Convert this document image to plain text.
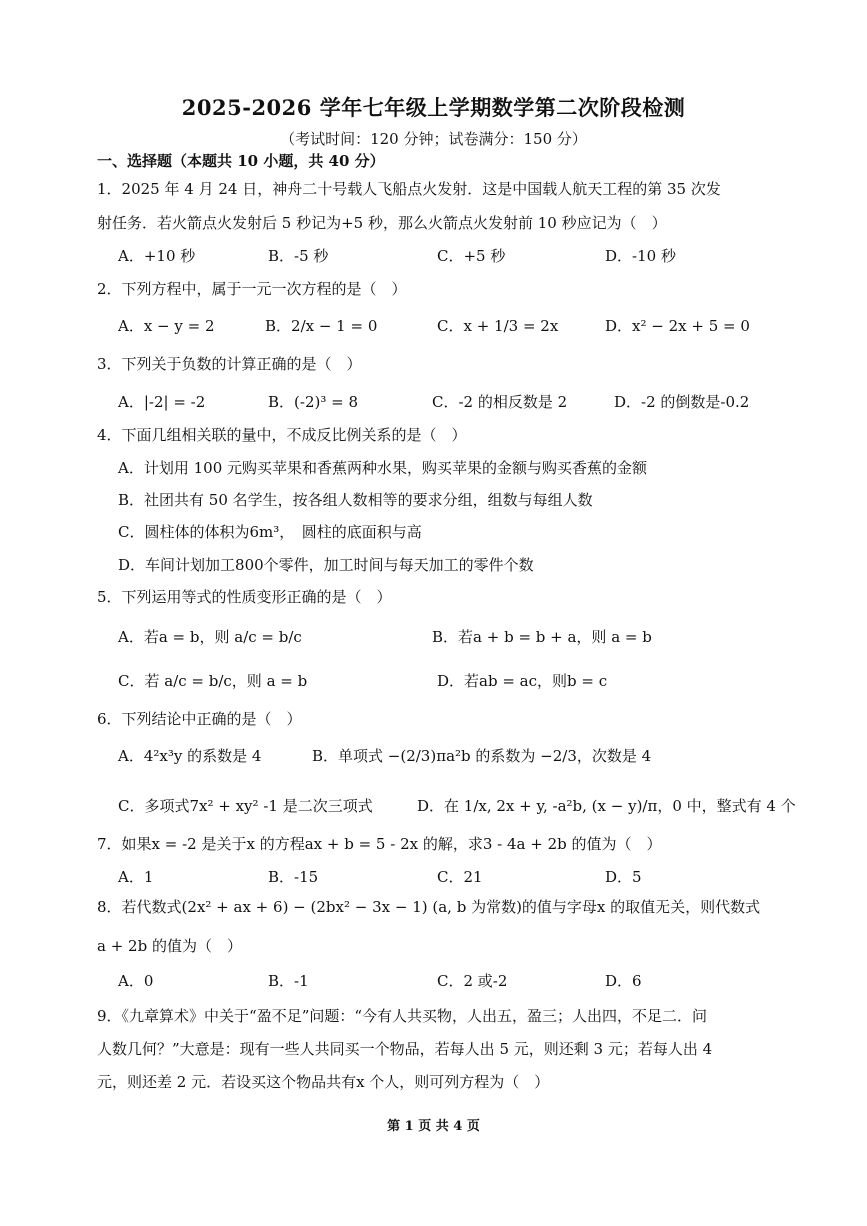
2025-2026 学年七年级上学期数学第二次阶段检测
（考试时间：120 分钟；试卷满分：150 分）
一、选择题（本题共 10 小题，共 40 分）
1．2025 年 4 月 24 日，神舟二十号载人飞船点火发射．这是中国载人航天工程的第 35 次发
射任务．若火箭点火发射后 5 秒记为+5 秒，那么火箭点火发射前 10 秒应记为（　）
A．+10 秒	B．-5 秒	C．+5 秒	D．-10 秒
2．下列方程中，属于一元一次方程的是（　）
A．x − y = 2	B．2/x − 1 = 0	C．x + 1/3 = 2x	D．x² − 2x + 5 = 0
3．下列关于负数的计算正确的是（　）
A．|-2| = -2	B．(-2)³ = 8	C．-2 的相反数是 2	D．-2 的倒数是-0.2
4．下面几组相关联的量中，不成反比例关系的是（　）
A．计划用 100 元购买苹果和香蕉两种水果，购买苹果的金额与购买香蕉的金额
B．社团共有 50 名学生，按各组人数相等的要求分组，组数与每组人数
C．圆柱体的体积为6m³，　圆柱的底面积与高
D．车间计划加工800个零件，加工时间与每天加工的零件个数
5．下列运用等式的性质变形正确的是（　）
A．若a = b，则 a/c = b/c	B．若a + b = b + a，则 a = b
C．若 a/c = b/c，则 a = b	D．若ab = ac，则b = c
6．下列结论中正确的是（　）
A．4²x³y 的系数是 4	B．单项式 −(2/3)πa²b 的系数为 −2/3，次数是 4
C．多项式7x² + xy² -1 是二次三项式	D．在 1/x, 2x + y, -a²b, (x − y)/π，0 中，整式有 4 个
7．如果x = -2 是关于x 的方程ax + b = 5 - 2x 的解，求3 - 4a + 2b 的值为（　）
A．1	B．-15	C．21	D．5
8．若代数式(2x² + ax + 6) − (2bx² − 3x − 1) (a, b 为常数)的值与字母x 的取值无关，则代数式
a + 2b 的值为（　）
A．0	B．-1	C．2 或-2	D．6
9．《九章算术》中关于“盈不足”问题：“今有人共买物，人出五，盈三；人出四，不足二．问
人数几何？”大意是：现有一些人共同买一个物品，若每人出 5 元，则还剩 3 元；若每人出 4
元，则还差 2 元．若设买这个物品共有x 个人，则可列方程为（　）
第 1 页 共 4 页
